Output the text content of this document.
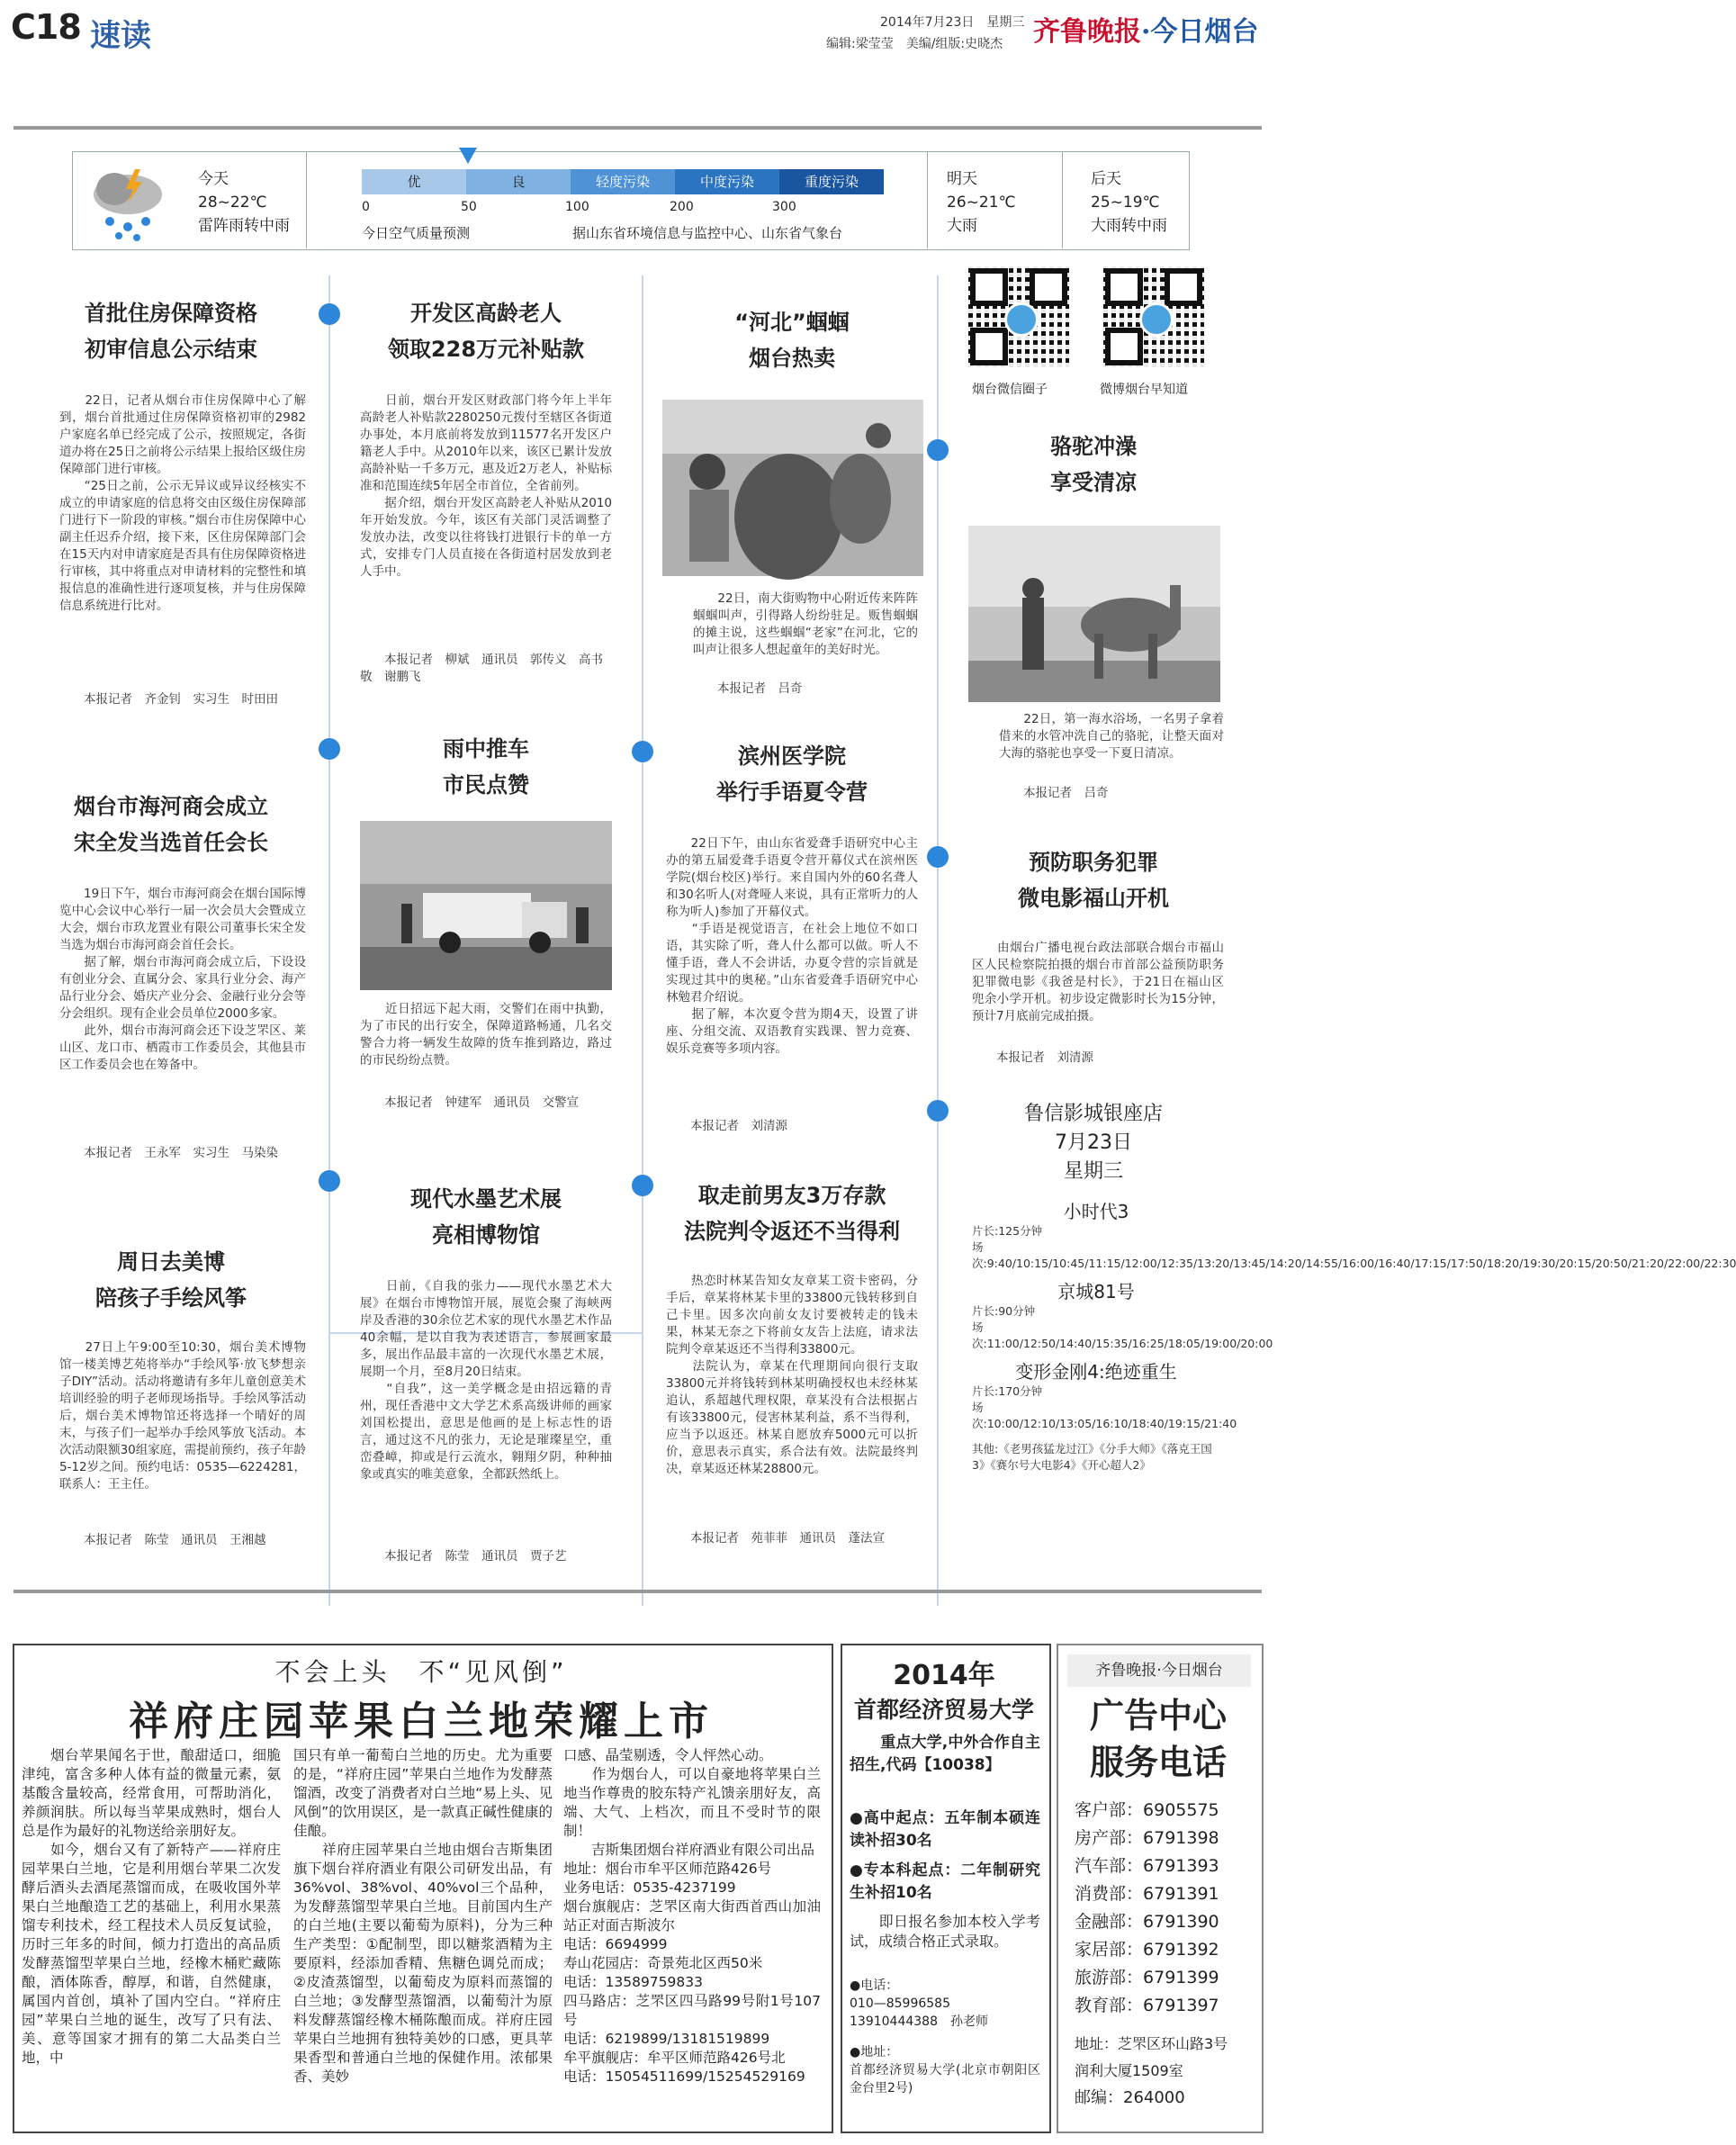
C18 速读	2014年7月23日　星期三
编辑:梁莹莹　美编/组版:史晓杰 齐鲁晚报·今日烟台
今天
28~22℃
雷阵雨转中雨
优	良	轻度污染	中度污染	重度污染
0	50	100	200	300
今日空气质量预测	据山东省环境信息与监控中心、山东省气象台
明天
26~21℃
大雨
后天
25~19℃
大雨转中雨
首批住房保障资格
初审信息公示结束
　　22日，记者从烟台市住房保障中心了解到，烟台首批通过住房保障资格初审的2982户家庭名单已经完成了公示，按照规定，各街道办将在25日之前将公示结果上报给区级住房保障部门进行审核。
　　“25日之前，公示无异议或异议经核实不成立的申请家庭的信息将交由区级住房保障部门进行下一阶段的审核。”烟台市住房保障中心副主任迟乔介绍，接下来，区住房保障部门会在15天内对申请家庭是否具有住房保障资格进行审核，其中将重点对申请材料的完整性和填报信息的准确性进行逐项复核，并与住房保障信息系统进行比对。
　　本报记者　齐金钊　实习生　时田田
烟台市海河商会成立
宋全发当选首任会长
　　19日下午，烟台市海河商会在烟台国际博览中心会议中心举行一届一次会员大会暨成立大会，烟台市玖龙置业有限公司董事长宋全发当选为烟台市海河商会首任会长。
　　据了解，烟台市海河商会成立后，下设设有创业分会、直属分会、家具行业分会、海产品行业分会、婚庆产业分会、金融行业分会等分会组织。现有企业会员单位2000多家。
　　此外，烟台市海河商会还下设芝罘区、莱山区、龙口市、栖霞市工作委员会，其他县市区工作委员会也在筹备中。
　　本报记者　王永军　实习生　马染染
周日去美博
陪孩子手绘风筝
　　27日上午9:00至10:30，烟台美术博物馆一楼美博艺苑将举办“手绘风筝·放飞梦想亲子DIY”活动。活动将邀请有多年儿童创意美术培训经验的明子老师现场指导。手绘风筝活动后，烟台美术博物馆还将选择一个晴好的周末，与孩子们一起举办手绘风筝放飞活动。本次活动限额30组家庭，需提前预约，孩子年龄5-12岁之间。预约电话：0535—6224281，联系人：王主任。
　　本报记者　陈莹　通讯员　王湘越
开发区高龄老人
领取228万元补贴款
　　日前，烟台开发区财政部门将今年上半年高龄老人补贴款2280250元拨付至辖区各街道办事处，本月底前将发放到11577名开发区户籍老人手中。从2010年以来，该区已累计发放高龄补贴一千多万元，惠及近2万老人，补贴标准和范围连续5年居全市首位，全省前列。
　　据介绍，烟台开发区高龄老人补贴从2010年开始发放。今年，该区有关部门灵活调整了发放办法，改变以往将钱打进银行卡的单一方式，安排专门人员直接在各街道村居发放到老人手中。
　　本报记者　柳斌　通讯员　郭传义　高书敬　谢鹏飞
雨中推车
市民点赞
　　近日招远下起大雨，交警们在雨中执勤，为了市民的出行安全，保障道路畅通，几名交警合力将一辆发生故障的货车推到路边，路过的市民纷纷点赞。
　　本报记者　钟建军　通讯员　交警宣
现代水墨艺术展
亮相博物馆
　　日前，《自我的张力——现代水墨艺术大展》在烟台市博物馆开展，展览会聚了海峡两岸及香港的30余位艺术家的现代水墨艺术作品40余幅，是以自我为表述语言，参展画家最多，展出作品最丰富的一次现代水墨艺术展，展期一个月，至8月20日结束。
　　“自我”，这一美学概念是由招远籍的青州，现任香港中文大学艺术系高级讲师的画家刘国松提出，意思是他画的是上标志性的语言，通过这不凡的张力，无论是璀璨星空，重峦叠嶂，抑或是行云流水，翱翔夕阴，种种抽象或真实的唯美意象，全都跃然纸上。
　　本报记者　陈莹　通讯员　贾子艺
“河北”蝈蝈
烟台热卖
　　22日，南大街购物中心附近传来阵阵蝈蝈叫声，引得路人纷纷驻足。贩售蝈蝈的摊主说，这些蝈蝈“老家”在河北，它的叫声让很多人想起童年的美好时光。
　　本报记者　吕奇
滨州医学院
举行手语夏令营
　　22日下午，由山东省爱聋手语研究中心主办的第五届爱聋手语夏令营开幕仪式在滨州医学院(烟台校区)举行。来自国内外的60名聋人和30名听人(对聋哑人来说，具有正常听力的人称为听人)参加了开幕仪式。
　　“手语是视觉语言，在社会上地位不如口语，其实除了听，聋人什么都可以做。听人不懂手语，聋人不会讲话，办夏令营的宗旨就是实现过其中的奥秘。”山东省爱聋手语研究中心林勉君介绍说。
　　据了解，本次夏令营为期4天，设置了讲座、分组交流、双语教育实践课、智力竞赛、娱乐竞赛等多项内容。
　　本报记者　刘清源
取走前男友3万存款
法院判令返还不当得利
　　热恋时林某告知女友章某工资卡密码，分手后，章某将林某卡里的33800元钱转移到自己卡里。因多次向前女友讨要被转走的钱未果，林某无奈之下将前女友告上法庭，请求法院判令章某返还不当得利33800元。
　　法院认为，章某在代理期间向很行支取33800元并将钱转到林某明确授权也未经林某追认，系超越代理权限，章某没有合法根据占有该33800元，侵害林某利益，系不当得利，应当予以返还。林某自愿放弃5000元可以折价，意思表示真实，系合法有效。法院最终判决，章某返还林某28800元。
　　本报记者　苑菲菲　通讯员　蓬法宣
烟台微信圈子	微博烟台早知道
骆驼冲澡
享受清凉
　　22日，第一海水浴场，一名男子拿着借来的水管冲洗自己的骆驼，让整天面对大海的骆驼也享受一下夏日清凉。
　　本报记者　吕奇
预防职务犯罪
微电影福山开机
　　由烟台广播电视台政法部联合烟台市福山区人民检察院拍摄的烟台市首部公益预防职务犯罪微电影《我爸是村长》，于21日在福山区兜余小学开机。初步设定微影时长为15分钟，预计7月底前完成拍摄。
　　本报记者　刘清源
鲁信影城银座店
7月23日
星期三
小时代3
片长:125分钟
场次:9:40/10:15/10:45/11:15/12:00/12:35/13:20/13:45/14:20/14:55/16:00/16:40/17:15/17:50/18:20/19:30/20:15/20:50/21:20/22:00/22:30
京城81号
片长:90分钟
场次:11:00/12:50/14:40/15:35/16:25/18:05/19:00/20:00
变形金刚4:绝迹重生
片长:170分钟
场次:10:00/12:10/13:05/16:10/18:40/19:15/21:40
其他:《老男孩猛龙过江》《分手大师》《落克王国3》《赛尔号大电影4》《开心超人2》
不会上头　不“见风倒”
祥府庄园苹果白兰地荣耀上市
　　烟台苹果闻名于世，酿甜适口，细脆津纯，富含多种人体有益的微量元素，氨基酸含量较高，经常食用，可帮助消化，养颜润肤。所以每当苹果成熟时，烟台人总是作为最好的礼物送给亲朋好友。
　　如今，烟台又有了新特产——祥府庄园苹果白兰地，它是利用烟台苹果二次发酵后酒头去酒尾蒸馏而成，在吸收国外苹果白兰地酿造工艺的基础上，利用水果蒸馏专利技术，经工程技术人员反复试验，历时三年多的时间，倾力打造出的高品质发酵蒸馏型苹果白兰地，经橡木桶贮藏陈酿，酒体陈香，醇厚，和谐，自然健康，属国内首创，填补了国内空白。“祥府庄园”苹果白兰地的诞生，改写了只有法、美、意等国家才拥有的第二大品类白兰地，中
国只有单一葡萄白兰地的历史。尤为重要的是，“祥府庄园”苹果白兰地作为发酵蒸馏酒，改变了消费者对白兰地“易上头、见风倒”的饮用误区，是一款真正碱性健康的佳酿。
　　祥府庄园苹果白兰地由烟台吉斯集团旗下烟台祥府酒业有限公司研发出品，有36%vol、38%vol、40%vol三个品种，为发酵蒸馏型苹果白兰地。目前国内生产的白兰地(主要以葡萄为原料)，分为三种生产类型：①配制型，即以糖浆酒精为主要原料，经添加香精、焦糖色调兑而成；②皮渣蒸馏型，以葡萄皮为原料而蒸馏的白兰地；③发酵型蒸馏酒，以葡萄汁为原料发酵蒸馏经橡木桶陈酿而成。祥府庄园苹果白兰地拥有独特美妙的口感，更具苹果香型和普通白兰地的保健作用。浓郁果香、美妙
口感、晶莹剔透，令人怦然心动。
　　作为烟台人，可以自豪地将苹果白兰地当作尊贵的胶东特产礼馈亲朋好友，高端、大气、上档次，而且不受时节的限制！
　　吉斯集团烟台祥府酒业有限公司出品
地址：烟台市牟平区师范路426号
业务电话：0535-4237199
烟台旗舰店：芝罘区南大街西首西山加油站正对面吉斯波尔
电话：6694999
寿山花园店：奇景苑北区西50米
电话：13589759833
四马路店：芝罘区四马路99号附1号107号
电话：6219899/13181519899
牟平旗舰店：牟平区师范路426号北
电话：15054511699/15254529169
2014年
首都经济贸易大学
　　重点大学,中外合作自主招生,代码【10038】
●高中起点：五年制本硕连读补招30名
●专本科起点：二年制研究生补招10名
　　即日报名参加本校入学考试，成绩合格正式录取。
●电话：
010—85996585
13910444388　孙老师
●地址：
首都经济贸易大学(北京市朝阳区金台里2号)
齐鲁晚报·今日烟台
广告中心
服务电话
客户部：6905575
房产部：6791398
汽车部：6791393
消费部：6791391
金融部：6791390
家居部：6791392
旅游部：6791399
教育部：6791397
地址：芝罘区环山路3号
润利大厦1509室
邮编：264000
